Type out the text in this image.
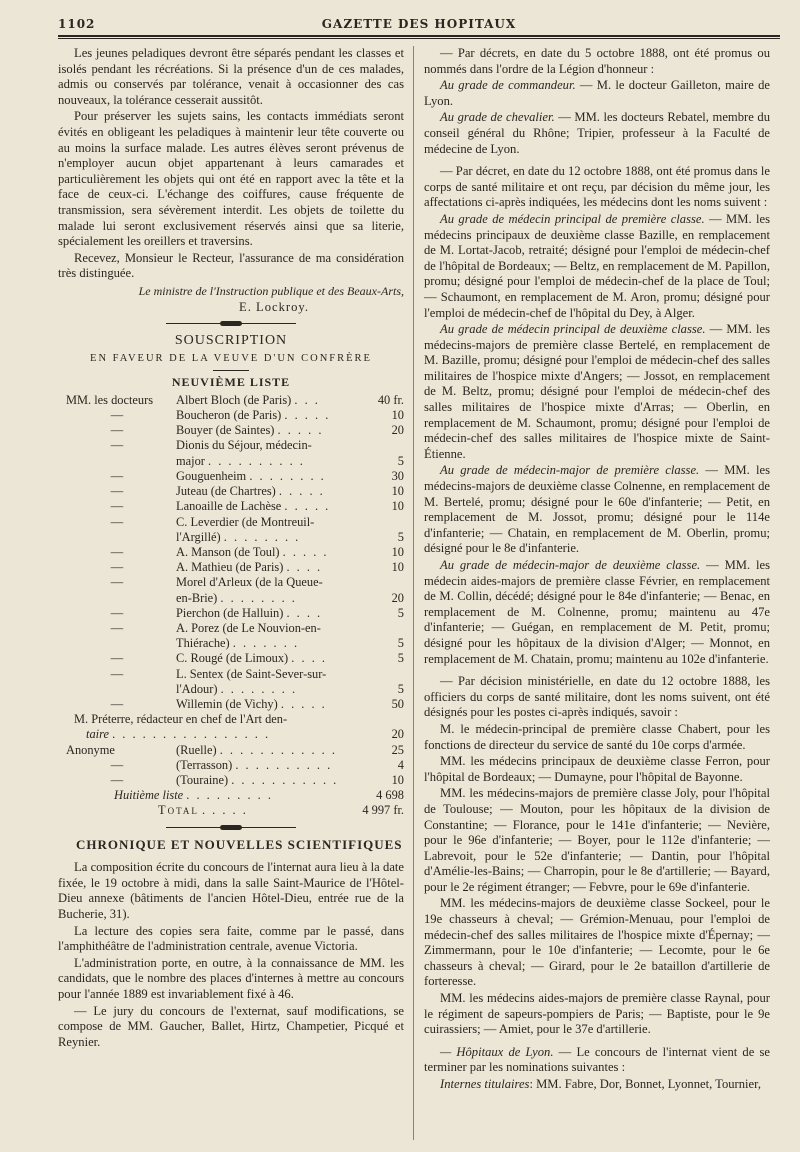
1102	GAZETTE DES HOPITAUX

Les jeunes peladiques devront être séparés pendant les classes et isolés pendant les récréations. Si la présence d'un de ces malades, admis ou conservés par tolérance, venait à occasionner des cas nouveaux, la tolérance cesserait aussitôt.

Pour préserver les sujets sains, les contacts immédiats seront évités en obligeant les peladiques à maintenir leur tête couverte ou au moins la surface malade. Les autres élèves seront prévenus de n'employer aucun objet appartenant à leurs camarades et particulièrement les objets qui ont été en rapport avec la tête et la face de ceux-ci. L'échange des coiffures, cause fréquente de transmission, sera sévèrement interdit. Les objets de toilette du malade lui seront exclusivement réservés ainsi que sa literie, spécialement les oreillers et traversins.

Recevez, Monsieur le Recteur, l'assurance de ma considération très distinguée.

Le ministre de l'Instruction publique et des Beaux-Arts,
E. Lockroy.
SOUSCRIPTION
EN FAVEUR DE LA VEUVE D'UN CONFRÈRE
NEUVIÈME LISTE
MM. les docteurs	Albert Bloch (de Paris) . . .	40 fr.
—	Boucheron (de Paris) . . . . .	10
—	Bouyer (de Saintes) . . . . .	20
—	Dionis du Séjour, médecin-	
	major . . . . . . . . . .	5
—	Gouguenheim . . . . . . . .	30
—	Juteau (de Chartres) . . . . .	10
—	Lanoaille de Lachèse . . . . .	10
—	C. Leverdier (de Montreuil-	
	l'Argillé) . . . . . . . .	5
—	A. Manson (de Toul) . . . . .	10
—	A. Mathieu (de Paris) . . . .	10
—	Morel d'Arleux (de la Queue-	
	en-Brie) . . . . . . . .	20
—	Pierchon (de Halluin) . . . .	5
—	A. Porez (de Le Nouvion-en-	
	Thiérache) . . . . . . .	5
—	C. Rougé (de Limoux) . . . .	5
—	L. Sentex (de Saint-Sever-sur-	
	l'Adour) . . . . . . . .	5
—	Willemin (de Vichy) . . . . .	50
M. Préterre, rédacteur en chef de l'Art den-		
taire . . . . . . . . . . . . . . . .		20
Anonyme	(Ruelle) . . . . . . . . . . . .	25
—	(Terrasson) . . . . . . . . . .	4
—	(Touraine) . . . . . . . . . . .	10
Huitième liste . . . . . . . . .		4 698
Total . . . . .		4 997 fr.
CHRONIQUE ET NOUVELLES SCIENTIFIQUES

La composition écrite du concours de l'internat aura lieu à la date fixée, le 19 octobre à midi, dans la salle Saint-Maurice de l'Hôtel-Dieu annexe (bâtiments de l'ancien Hôtel-Dieu, entrée rue de la Bucherie, 31).

La lecture des copies sera faite, comme par le passé, dans l'amphithéâtre de l'administration centrale, avenue Victoria.

L'administration porte, en outre, à la connaissance de MM. les candidats, que le nombre des places d'internes à mettre au concours pour l'année 1889 est invariablement fixé à 46.

— Le jury du concours de l'externat, sauf modifications, se compose de MM. Gaucher, Ballet, Hirtz, Champetier, Picqué et Reynier.

— Par décrets, en date du 5 octobre 1888, ont été promus ou nommés dans l'ordre de la Légion d'honneur :

Au grade de commandeur. — M. le docteur Gailleton, maire de Lyon.

Au grade de chevalier. — MM. les docteurs Rebatel, membre du conseil général du Rhône; Tripier, professeur à la Faculté de médecine de Lyon.

— Par décret, en date du 12 octobre 1888, ont été promus dans le corps de santé militaire et ont reçu, par décision du même jour, les affectations ci-après indiquées, les médecins dont les noms suivent :

Au grade de médecin principal de première classe. — MM. les médecins principaux de deuxième classe Bazille, en remplacement de M. Lortat-Jacob, retraité; désigné pour l'emploi de médecin-chef de l'hôpital de Bordeaux; — Beltz, en remplacement de M. Papillon, promu; désigné pour l'emploi de médecin-chef de la place de Toul; — Schaumont, en remplacement de M. Aron, promu; désigné pour l'emploi de médecin-chef de l'hôpital du Dey, à Alger.

Au grade de médecin principal de deuxième classe. — MM. les médecins-majors de première classe Bertelé, en remplacement de M. Bazille, promu; désigné pour l'emploi de médecin-chef des salles militaires de l'hospice mixte d'Angers; — Jossot, en remplacement de M. Beltz, promu; désigné pour l'emploi de médecin-chef des salles militaires de l'hospice mixte d'Arras; — Oberlin, en remplacement de M. Schaumont, promu; désigné pour l'emploi de médecin-chef des salles militaires de l'hospice mixte de Saint-Étienne.

Au grade de médecin-major de première classe. — MM. les médecins-majors de deuxième classe Colnenne, en remplacement de M. Bertelé, promu; désigné pour le 60e d'infanterie; — Petit, en remplacement de M. Jossot, promu; désigné pour le 114e d'infanterie; — Chatain, en remplacement de M. Oberlin, promu; désigné pour le 8e d'infanterie.

Au grade de médecin-major de deuxième classe. — MM. les médecin aides-majors de première classe Février, en remplacement de M. Collin, décédé; désigné pour le 84e d'infanterie; — Benac, en remplacement de M. Colnenne, promu; maintenu au 47e d'infanterie; — Guégan, en remplacement de M. Petit, promu; désigné pour les hôpitaux de la division d'Alger; — Monnot, en remplacement de M. Chatain, promu; maintenu au 102e d'infanterie.

— Par décision ministérielle, en date du 12 octobre 1888, les officiers du corps de santé militaire, dont les noms suivent, ont été désignés pour les postes ci-après indiqués, savoir :

M. le médecin-principal de première classe Chabert, pour les fonctions de directeur du service de santé du 10e corps d'armée.

MM. les médecins principaux de deuxième classe Ferron, pour l'hôpital de Bordeaux; — Dumayne, pour l'hôpital de Bayonne.

MM. les médecins-majors de première classe Joly, pour l'hôpital de Toulouse; — Mouton, pour les hôpitaux de la division de Constantine; — Florance, pour le 141e d'infanterie; — Nevière, pour le 96e d'infanterie; — Boyer, pour le 112e d'infanterie; — Labrevoit, pour le 52e d'infanterie; — Dantin, pour l'hôpital d'Amélie-les-Bains; — Charropin, pour le 8e d'artillerie; — Bayard, pour le 2e régiment étranger; — Febvre, pour le 69e d'infanterie.

MM. les médecins-majors de deuxième classe Sockeel, pour le 19e chasseurs à cheval; — Grémion-Menuau, pour l'emploi de médecin-chef des salles militaires de l'hospice mixte d'Épernay; — Zimmermann, pour le 10e d'infanterie; — Lecomte, pour le 6e chasseurs à cheval; — Girard, pour le 2e bataillon d'artillerie de forteresse.

MM. les médecins aides-majors de première classe Raynal, pour le régiment de sapeurs-pompiers de Paris; — Baptiste, pour le 9e cuirassiers; — Amiet, pour le 37e d'artillerie.

— Hôpitaux de Lyon. — Le concours de l'internat vient de se terminer par les nominations suivantes :

Internes titulaires: MM. Fabre, Dor, Bonnet, Lyonnet, Tournier,
